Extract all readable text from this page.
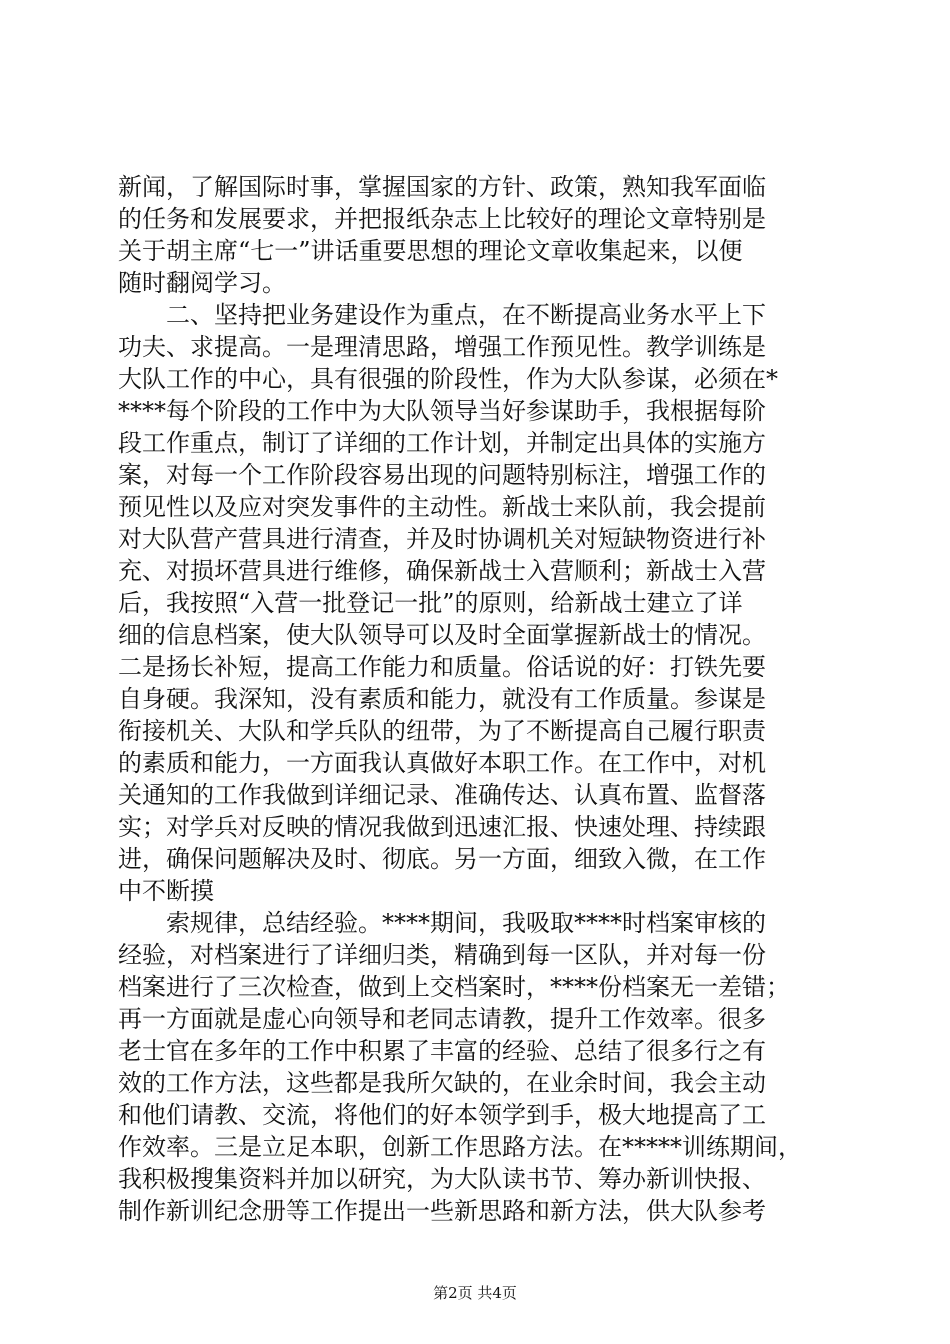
新闻，了解国际时事，掌握国家的方针、政策，熟知我军面临
的任务和发展要求，并把报纸杂志上比较好的理论文章特别是
关于胡主席“七一”讲话重要思想的理论文章收集起来，以便
随时翻阅学习。
　　二、坚持把业务建设作为重点，在不断提高业务水平上下
功夫、求提高。一是理清思路，增强工作预见性。教学训练是
大队工作的中心，具有很强的阶段性，作为大队参谋，必须在*
****每个阶段的工作中为大队领导当好参谋助手，我根据每阶
段工作重点，制订了详细的工作计划，并制定出具体的实施方
案，对每一个工作阶段容易出现的问题特别标注，增强工作的
预见性以及应对突发事件的主动性。新战士来队前，我会提前
对大队营产营具进行清查，并及时协调机关对短缺物资进行补
充、对损坏营具进行维修，确保新战士入营顺利；新战士入营
后，我按照“入营一批登记一批”的原则，给新战士建立了详
细的信息档案，使大队领导可以及时全面掌握新战士的情况。
二是扬长补短，提高工作能力和质量。俗话说的好：打铁先要
自身硬。我深知，没有素质和能力，就没有工作质量。参谋是
衔接机关、大队和学兵队的纽带，为了不断提高自己履行职责
的素质和能力，一方面我认真做好本职工作。在工作中，对机
关通知的工作我做到详细记录、准确传达、认真布置、监督落
实；对学兵对反映的情况我做到迅速汇报、快速处理、持续跟
进，确保问题解决及时、彻底。另一方面，细致入微，在工作
中不断摸
　　索规律，总结经验。****期间，我吸取****时档案审核的
经验，对档案进行了详细归类，精确到每一区队，并对每一份
档案进行了三次检查，做到上交档案时，****份档案无一差错；
再一方面就是虚心向领导和老同志请教，提升工作效率。很多
老士官在多年的工作中积累了丰富的经验、总结了很多行之有
效的工作方法，这些都是我所欠缺的，在业余时间，我会主动
和他们请教、交流，将他们的好本领学到手，极大地提高了工
作效率。三是立足本职，创新工作思路方法。在*****训练期间，
我积极搜集资料并加以研究，为大队读书节、筹办新训快报、
制作新训纪念册等工作提出一些新思路和新方法，供大队参考
第2页 共4页
